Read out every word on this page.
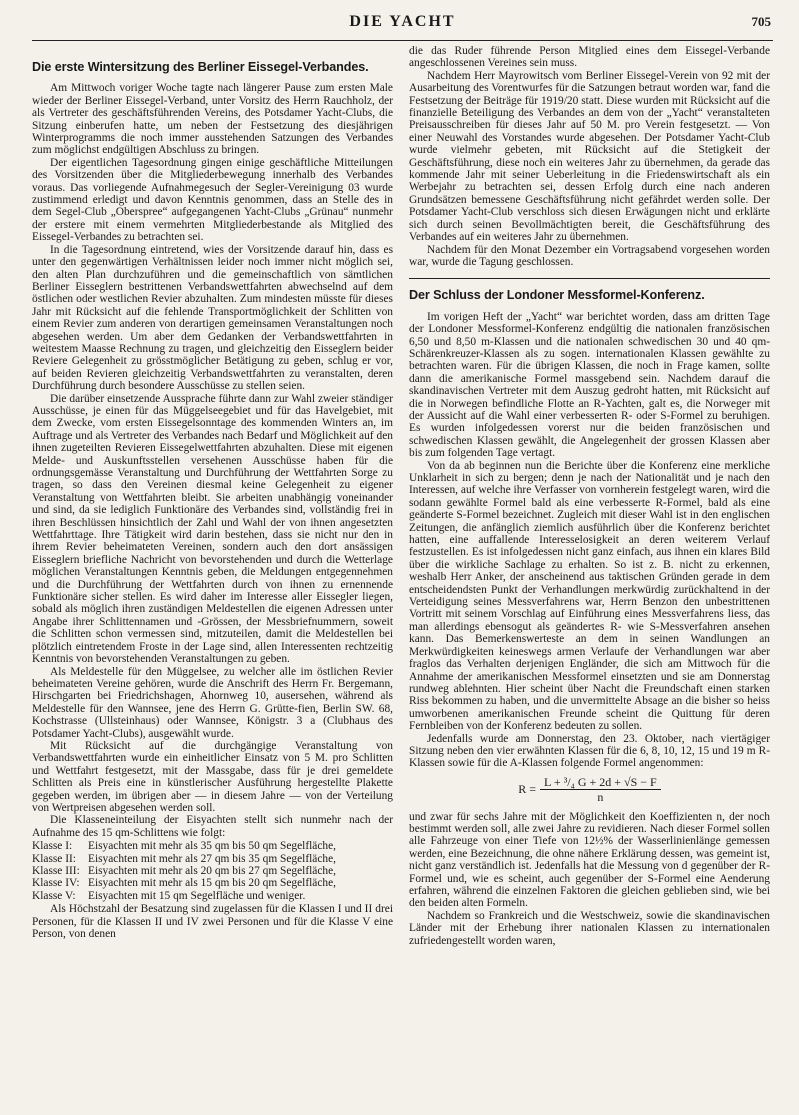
DIE YACHT	705
Die erste Wintersitzung des Berliner Eissegel-Verbandes.

Am Mittwoch voriger Woche tagte nach längerer Pause zum ersten Male wieder der Berliner Eissegel-Verband, unter Vorsitz des Herrn Rauchholz, der als Vertreter des geschäftsführenden Vereins, des Potsdamer Yacht-Clubs, die Sitzung einberufen hatte, um neben der Festsetzung des diesjährigen Winterprogramms die noch immer ausstehenden Satzungen des Verbandes zum möglichst endgültigen Abschluss zu bringen.

Der eigentlichen Tagesordnung gingen einige geschäftliche Mitteilungen des Vorsitzenden über die Mitgliederbewegung innerhalb des Verbandes voraus. Das vorliegende Aufnahmegesuch der Segler-Vereinigung 03 wurde zustimmend erledigt und davon Kenntnis genommen, dass an Stelle des in dem Segel-Club „Oberspree“ aufgegangenen Yacht-Clubs „Grünau“ nunmehr der erstere mit einem vermehrten Mitgliederbestande als Mitglied des Eissegel-Verbandes zu betrachten sei.

In die Tagesordnung eintretend, wies der Vorsitzende darauf hin, dass es unter den gegenwärtigen Verhältnissen leider noch immer nicht möglich sei, den alten Plan durchzuführen und die gemeinschaftlich von sämtlichen Berliner Eisseglern bestrittenen Verbandswettfahrten abwechselnd auf dem östlichen oder westlichen Revier abzuhalten. Zum mindesten müsste für dieses Jahr mit Rücksicht auf die fehlende Transportmöglichkeit der Schlitten von einem Revier zum anderen von derartigen gemeinsamen Veranstaltungen noch abgesehen werden. Um aber dem Gedanken der Verbandswettfahrten in weitestem Maasse Rechnung zu tragen, und gleichzeitig den Eisseglern beider Reviere Gelegenheit zu grösstmöglicher Betätigung zu geben, schlug er vor, auf beiden Revieren gleichzeitig Verbandswettfahrten zu veranstalten, deren Durchführung durch besondere Ausschüsse zu stellen seien.

Die darüber einsetzende Aussprache führte dann zur Wahl zweier ständiger Ausschüsse, je einen für das Müggelseegebiet und für das Havelgebiet, mit dem Zwecke, vom ersten Eissegelsonntage des kommenden Winters an, im Auftrage und als Vertreter des Verbandes nach Bedarf und Möglichkeit auf den ihnen zugeteilten Revieren Eissegelwettfahrten abzuhalten. Diese mit eigenen Melde- und Auskunftsstellen versehenen Ausschüsse haben für die ordnungsgemässe Veranstaltung und Durchführung der Wettfahrten Sorge zu tragen, so dass den Vereinen diesmal keine Gelegenheit zu eigener Veranstaltung von Wettfahrten bleibt. Sie arbeiten unabhängig voneinander und sind, da sie lediglich Funktionäre des Verbandes sind, vollständig frei in ihren Beschlüssen hinsichtlich der Zahl und Wahl der von ihnen angesetzten Wettfahrttage. Ihre Tätigkeit wird darin bestehen, dass sie nicht nur den in ihrem Revier beheimateten Vereinen, sondern auch den dort ansässigen Eisseglern briefliche Nachricht von bevorstehenden und durch die Wetterlage möglichen Veranstaltungen Kenntnis geben, die Meldungen entgegennehmen und die Durchführung der Wettfahrten durch von ihnen zu ernennende Funktionäre sicher stellen. Es wird daher im Interesse aller Eissegler liegen, sobald als möglich ihren zuständigen Meldestellen die eigenen Adressen unter Angabe ihrer Schlittennamen und -Grössen, der Messbriefnummern, soweit die Schlitten schon vermessen sind, mitzuteilen, damit die Meldestellen bei plötzlich eintretendem Froste in der Lage sind, allen Interessenten rechtzeitig Kenntnis von bevorstehenden Veranstaltungen zu geben.

Als Meldestelle für den Müggelsee, zu welcher alle im östlichen Revier beheimateten Vereine gehören, wurde die Anschrift des Herrn Fr. Bergemann, Hirschgarten bei Friedrichshagen, Ahornweg 10, ausersehen, während als Meldestelle für den Wannsee, jene des Herrn G. Grütte-fien, Berlin SW. 68, Kochstrasse (Ullsteinhaus) oder Wannsee, Königstr. 3 a (Clubhaus des Potsdamer Yacht-Clubs), ausgewählt wurde.

Mit Rücksicht auf die durchgängige Veranstaltung von Verbandswettfahrten wurde ein einheitlicher Einsatz von 5 M. pro Schlitten und Wettfahrt festgesetzt, mit der Massgabe, dass für je drei gemeldete Schlitten als Preis eine in künstlerischer Ausführung hergestellte Plakette gegeben werden, im übrigen aber — in diesem Jahre — von der Verteilung von Wertpreisen abgesehen werden soll.

Die Klasseneinteilung der Eisyachten stellt sich nunmehr nach der Aufnahme des 15 qm-Schlittens wie folgt:

Klasse I:	Eisyachten mit mehr als 35 qm bis 50 qm Segelfläche,
Klasse II:	Eisyachten mit mehr als 27 qm bis 35 qm Segelfläche,
Klasse III: Eisyachten mit mehr als 20 qm bis 27 qm Segelfläche,
Klasse IV: Eisyachten mit mehr als 15 qm bis 20 qm Segelfläche,
Klasse V:	Eisyachten mit 15 qm Segelfläche und weniger.

Als Höchstzahl der Besatzung sind zugelassen für die Klassen I und II drei Personen, für die Klassen II und IV zwei Personen und für die Klasse V eine Person, von denen

die das Ruder führende Person Mitglied eines dem Eissegel-Verbande angeschlossenen Vereines sein muss.

Nachdem Herr Mayrowitsch vom Berliner Eissegel-Verein von 92 mit der Ausarbeitung des Vorentwurfes für die Satzungen betraut worden war, fand die Festsetzung der Beiträge für 1919/20 statt. Diese wurden mit Rücksicht auf die finanzielle Beteiligung des Verbandes an dem von der „Yacht“ veranstalteten Preisausschreiben für dieses Jahr auf 50 M. pro Verein festgesetzt. — Von einer Neuwahl des Vorstandes wurde abgesehen. Der Potsdamer Yacht-Club wurde vielmehr gebeten, mit Rücksicht auf die Stetigkeit der Geschäftsführung, diese noch ein weiteres Jahr zu übernehmen, da gerade das kommende Jahr mit seiner Ueberleitung in die Friedenswirtschaft als ein Werbejahr zu betrachten sei, dessen Erfolg durch eine nach anderen Grundsätzen bemessene Geschäftsführung nicht gefährdet werden solle. Der Potsdamer Yacht-Club verschloss sich diesen Erwägungen nicht und erklärte sich durch seinen Bevollmächtigten bereit, die Geschäftsführung des Verbandes auf ein weiteres Jahr zu übernehmen.

Nachdem für den Monat Dezember ein Vortragsabend vorgesehen worden war, wurde die Tagung geschlossen.

Der Schluss der Londoner Messformel-Konferenz.

Im vorigen Heft der „Yacht“ war berichtet worden, dass am dritten Tage der Londoner Messformel-Konferenz endgültig die nationalen französischen 6,50 und 8,50 m-Klassen und die nationalen schwedischen 30 und 40 qm-Schärenkreuzer-Klassen als zu sogen. internationalen Klassen gewählte zu betrachten waren. Für die übrigen Klassen, die noch in Frage kamen, sollte dann die amerikanische Formel massgebend sein. Nachdem darauf die skandinavischen Vertreter mit dem Auszug gedroht hatten, mit Rücksicht auf die in Norwegen befindliche Flotte an R-Yachten, galt es, die Norweger mit der Aussicht auf die Wahl einer verbesserten R- oder S-Formel zu beruhigen. Es wurden infolgedessen vorerst nur die beiden französischen und schwedischen Klassen gewählt, die Angelegenheit der grossen Klassen aber bis zum folgenden Tage vertagt.

Von da ab beginnen nun die Berichte über die Konferenz eine merkliche Unklarheit in sich zu bergen; denn je nach der Nationalität und je nach den Interessen, auf welche ihre Verfasser von vornherein festgelegt waren, wird die sodann gewählte Formel bald als eine verbesserte R-Formel, bald als eine geänderte S-Formel bezeichnet. Zugleich mit dieser Wahl ist in den englischen Zeitungen, die anfänglich ziemlich ausführlich über die Konferenz berichtet hatten, eine auffallende Interesselosigkeit an deren weiterem Verlauf festzustellen. Es ist infolgedessen nicht ganz einfach, aus ihnen ein klares Bild über die wirkliche Sachlage zu erhalten. So ist z. B. nicht zu erkennen, weshalb Herr Anker, der anscheinend aus taktischen Gründen gerade in dem entscheidendsten Punkt der Verhandlungen merkwürdig zurückhaltend in der Verteidigung seines Messverfahrens war, Herrn Benzon den unbestrittenen Vortritt mit seinem Vorschlag auf Einführung eines Messverfahrens liess, das man allerdings ebensogut als geändertes R- wie S-Messverfahren ansehen kann. Das Bemerkenswerteste an dem in seinen Wandlungen an Merkwürdigkeiten keineswegs armen Verlaufe der Verhandlungen war aber fraglos das Verhalten derjenigen Engländer, die sich am Mittwoch für die Annahme der amerikanischen Messformel einsetzten und sie am Donnerstag rundweg ablehnten. Hier scheint über Nacht die Freundschaft einen starken Riss bekommen zu haben, und die unvermittelte Absage an die bisher so heiss umworbenen amerikanischen Freunde scheint die Quittung für deren Fernbleiben von der Konferenz bedeuten zu sollen.

Jedenfalls wurde am Donnerstag, den 23. Oktober, nach viertägiger Sitzung neben den vier erwähnten Klassen für die 6, 8, 10, 12, 15 und 19 m R-Klassen sowie für die A-Klassen folgende Formel angenommen:

$R = \frac{\text{L + ³/₄ G + 2d + √S − F}}{n}$

und zwar für sechs Jahre mit der Möglichkeit den Koeffizienten n, der noch bestimmt werden soll, alle zwei Jahre zu revidieren. Nach dieser Formel sollen alle Fahrzeuge von einer Tiefe von 12½% der Wasserlinienlänge gemessen werden, eine Bezeichnung, die ohne nähere Erklärung dessen, was gemeint ist, nicht ganz verständlich ist. Jedenfalls hat die Messung von d gegenüber der R-Formel und, wie es scheint, auch gegenüber der S-Formel eine Aenderung erfahren, während die einzelnen Faktoren die gleichen geblieben sind, wie bei den beiden alten Formeln.

Nachdem so Frankreich und die Westschweiz, sowie die skandinavischen Länder mit der Erhebung ihrer nationalen Klassen zu internationalen zufriedengestellt worden waren,
